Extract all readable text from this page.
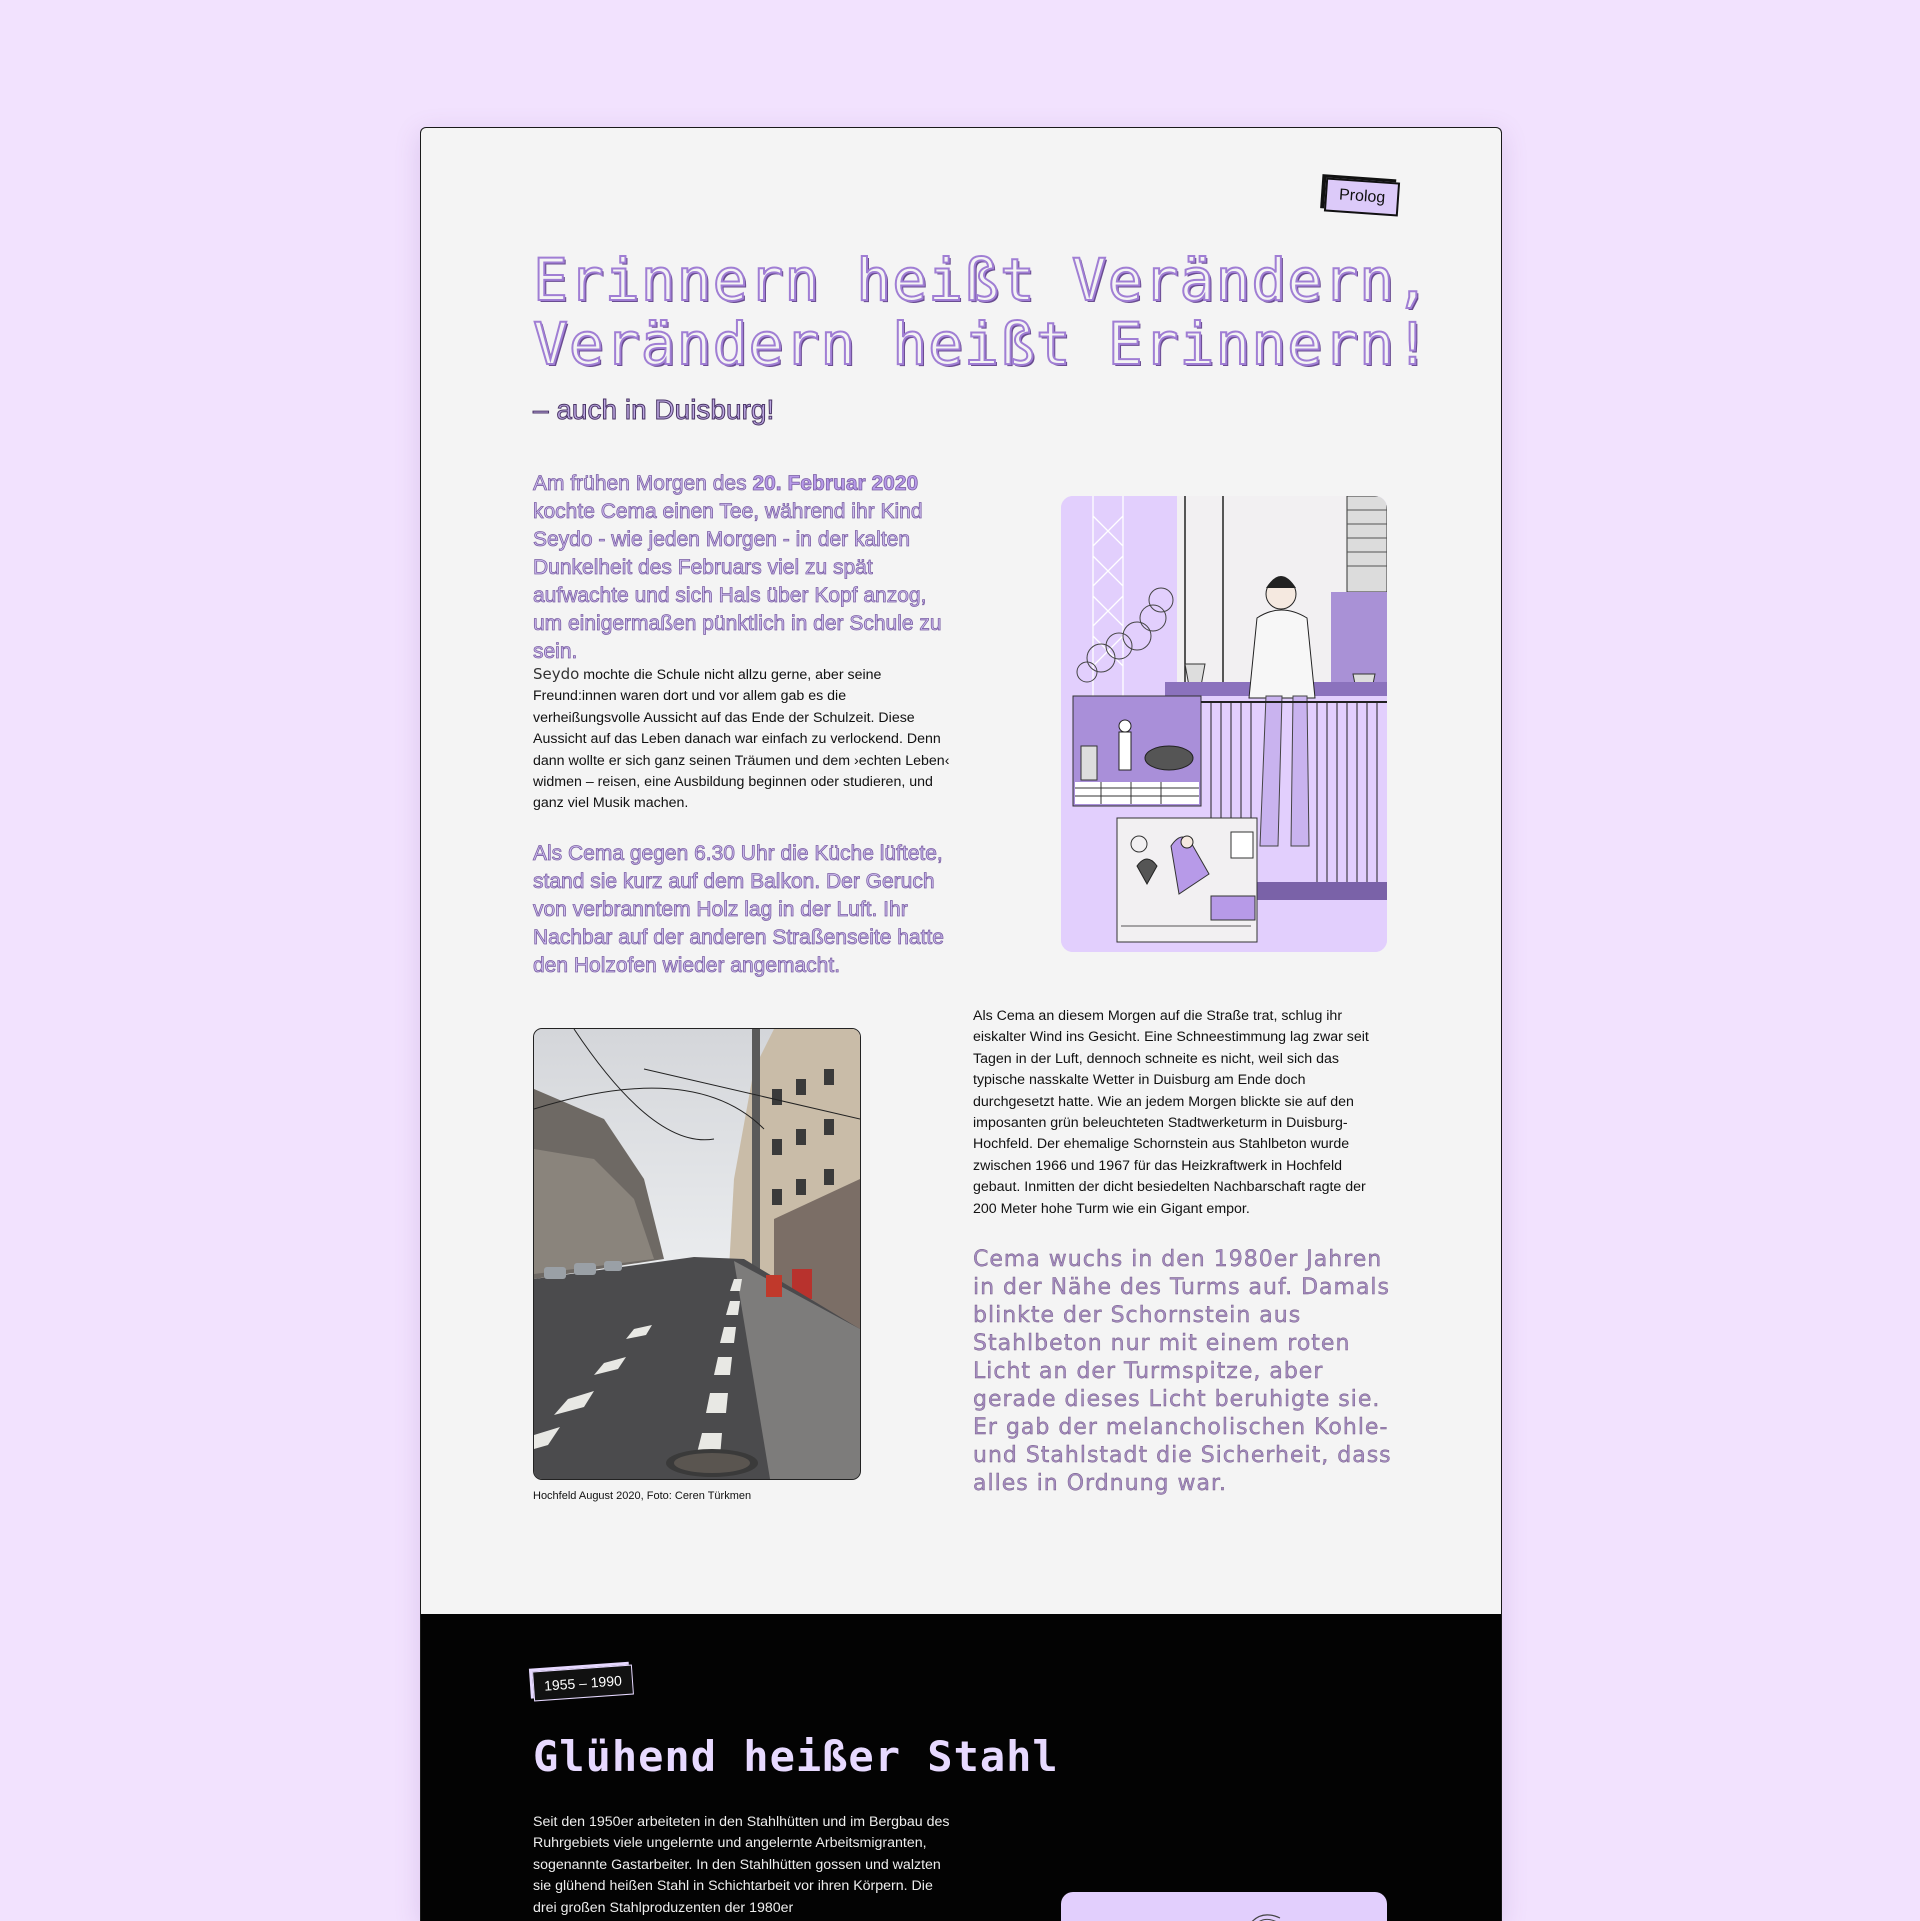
Prolog
Erinnern heißt Verändern,
Verändern heißt Erinnern!
– auch in Duisburg!

Am frühen Morgen des 20. Februar 2020 kochte Cema einen Tee, während ihr Kind Seydo - wie jeden Morgen - in der kalten Dunkelheit des Februars viel zu spät aufwachte und sich Hals über Kopf anzog, um einigermaßen pünktlich in der Schule zu sein.

Seydo mochte die Schule nicht allzu gerne, aber seine Freund:innen waren dort und vor allem gab es die verheißungsvolle Aussicht auf das Ende der Schulzeit. Diese Aussicht auf das Leben danach war einfach zu verlockend. Denn dann wollte er sich ganz seinen Träumen und dem ›echten Leben‹ widmen – reisen, eine Ausbildung beginnen oder studieren, und ganz viel Musik machen.

Als Cema gegen 6.30 Uhr die Küche lüftete, stand sie kurz auf dem Balkon. Der Geruch von verbranntem Holz lag in der Luft. Ihr Nachbar auf der anderen Straßenseite hatte den Holzofen wieder angemacht.

Hochfeld August 2020, Foto: Ceren Türkmen

Als Cema an diesem Morgen auf die Straße trat, schlug ihr eiskalter Wind ins Gesicht. Eine Schneestimmung lag zwar seit Tagen in der Luft, dennoch schneite es nicht, weil sich das typische nasskalte Wetter in Duisburg am Ende doch durchgesetzt hatte. Wie an jedem Morgen blickte sie auf den imposanten grün beleuchteten Stadtwerketurm in Duisburg-Hochfeld. Der ehemalige Schornstein aus Stahlbeton wurde zwischen 1966 und 1967 für das Heizkraftwerk in Hochfeld gebaut. Inmitten der dicht besiedelten Nachbarschaft ragte der 200 Meter hohe Turm wie ein Gigant empor.

Cema wuchs in den 1980er Jahren in der Nähe des Turms auf. Damals blinkte der Schornstein aus Stahlbeton nur mit einem roten Licht an der Turmspitze, aber gerade dieses Licht beruhigte sie. Er gab der melancholischen Kohle- und Stahlstadt die Sicherheit, dass alles in Ordnung war.

1955 – 1990
Glühend heißer Stahl

Seit den 1950er arbeiteten in den Stahlhütten und im Bergbau des Ruhrgebiets viele ungelernte und angelernte Arbeitsmigranten, sogenannte Gastarbeiter. In den Stahlhütten gossen und walzten sie glühend heißen Stahl in Schichtarbeit vor ihren Körpern. Die drei großen Stahlproduzenten der 1980er
